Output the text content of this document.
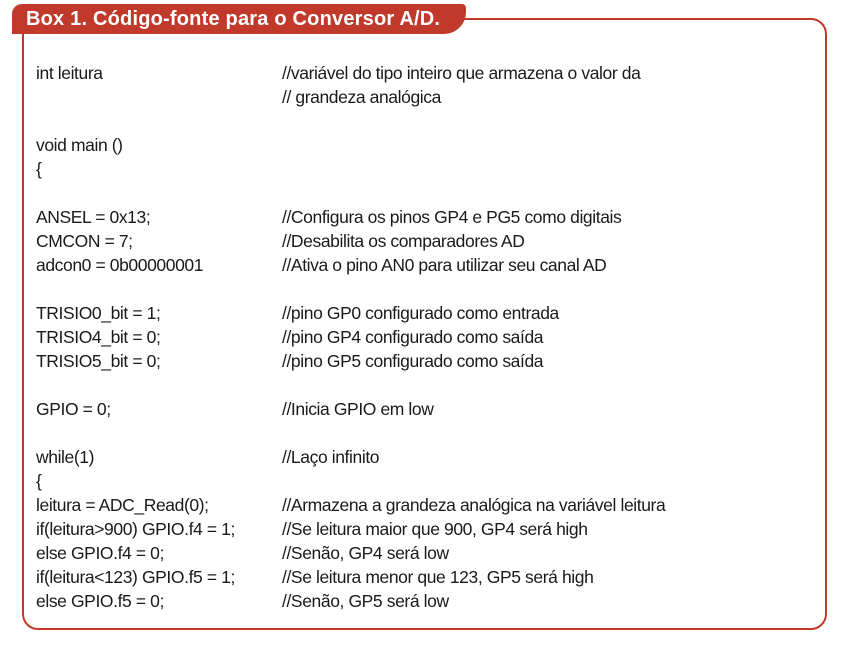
Box 1. Código-fonte para o Conversor A/D.
int leitura	//variável do tipo inteiro que armazena o valor da
// grandeza analógica
void main ()
{
ANSEL = 0x13;	//Configura os pinos GP4 e PG5 como digitais
CMCON = 7;	//Desabilita os comparadores AD
adcon0 = 0b00000001	//Ativa o pino AN0 para utilizar seu canal AD
TRISIO0_bit = 1;	//pino GP0 configurado como entrada
TRISIO4_bit = 0;	//pino GP4 configurado como saída
TRISIO5_bit = 0;	//pino GP5 configurado como saída
GPIO = 0;	//Inicia GPIO em low
while(1)	//Laço infinito
{
leitura = ADC_Read(0);	//Armazena a grandeza analógica na variável leitura
if(leitura>900) GPIO.f4 = 1;	//Se leitura maior que 900, GP4 será high
else GPIO.f4 = 0;	//Senão, GP4 será low
if(leitura<123) GPIO.f5 = 1;	//Se leitura menor que 123, GP5 será high
else GPIO.f5 = 0;	//Senão, GP5 será low
